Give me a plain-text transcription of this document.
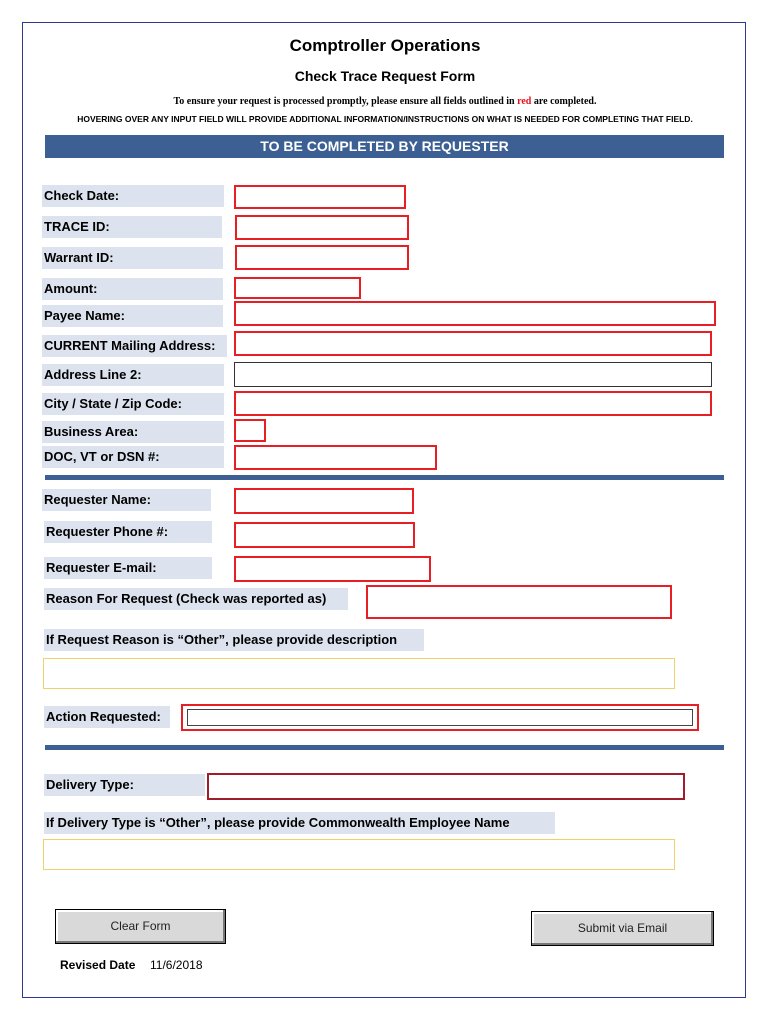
Comptroller Operations
Check Trace Request Form
To ensure your request is processed promptly, please ensure all fields outlined in red are completed.
HOVERING OVER ANY INPUT FIELD WILL PROVIDE ADDITIONAL INFORMATION/INSTRUCTIONS ON WHAT IS NEEDED FOR COMPLETING THAT FIELD.
TO BE COMPLETED BY REQUESTER
Check Date:
TRACE ID:
Warrant ID:
Amount:
Payee Name:
CURRENT Mailing Address:
Address Line 2:
City / State / Zip Code:
Business Area:
DOC, VT or DSN #:
Requester Name:
Requester Phone #:
Requester E-mail:
Reason For Request (Check was reported as)
If Request Reason is “Other”, please provide description
Action Requested:
Delivery Type:
If Delivery Type is “Other”, please provide Commonwealth Employee Name
Clear Form	Submit via Email
Revised Date 11/6/2018
